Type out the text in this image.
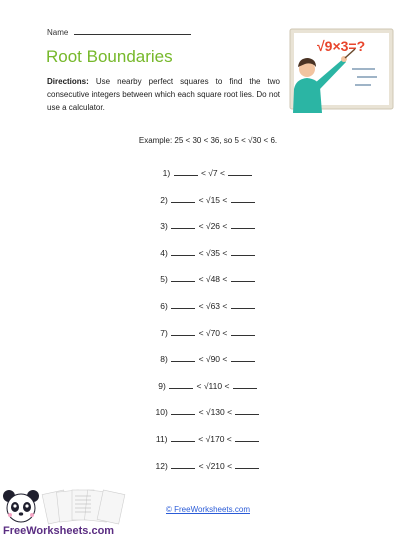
Name
Root Boundaries
Directions: Use nearby perfect squares to find the two consecutive integers between which each square root lies. Do not use a calculator.
√9×3=?
Example: 25 < 30 < 36, so 5 < √30 < 6.
1)	< √7 <
2)	< √15 <
3)	< √26 <
4)	< √35 <
5)	< √48 <
6)	< √63 <
7)	< √70 <
8)	< √90 <
9)	< √110 <
10)	< √130 <
11)	< √170 <
12)	< √210 <
© FreeWorksheets.com
FreeWorksheets.com
